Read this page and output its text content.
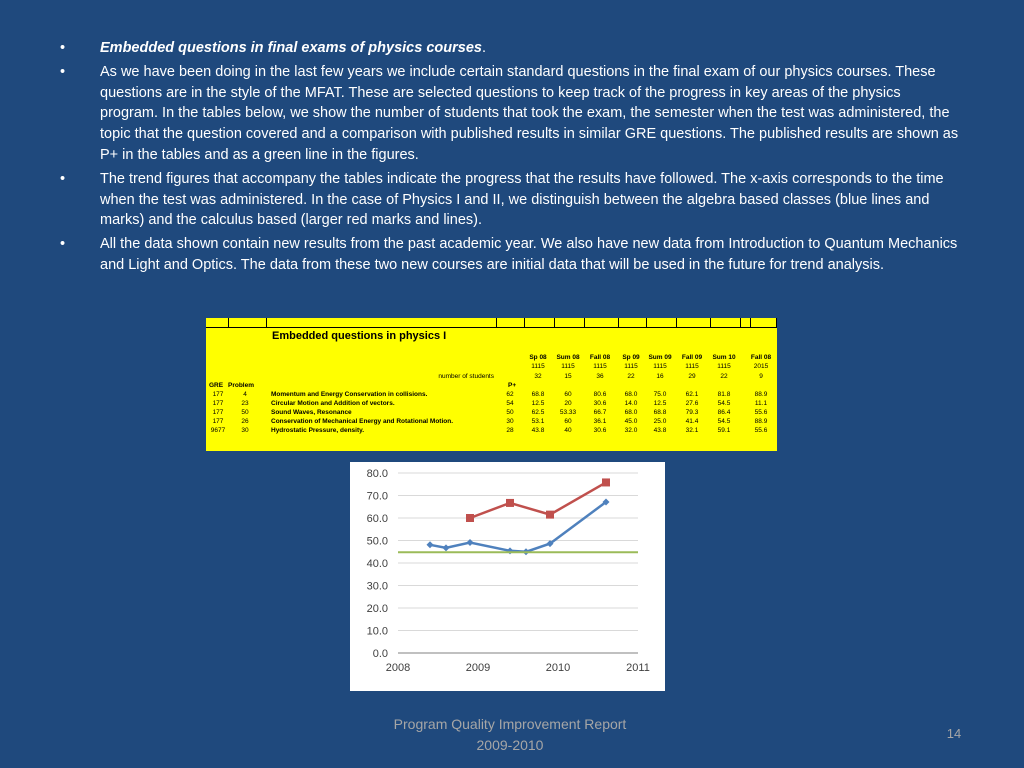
• Embedded questions in final exams of physics courses.
• As we have been doing in the last few years we include certain standard questions in the final exam of our physics courses. These questions are in the style of the MFAT. These are selected questions to keep track of the progress in key areas of the physics program. In the tables below, we show the number of students that took the exam, the semester when the test was administered, the topic that the question covered and a comparison with published results in similar GRE questions. The published results are shown as P+ in the tables and as a green line in the figures.
• The trend figures that accompany the tables indicate the progress that the results have followed. The x-axis corresponds to the time when the test was administered. In the case of Physics I and II, we distinguish between the algebra based classes (blue lines and marks) and the calculus based (larger red marks and lines).
• All the data shown contain new results from the past academic year. We also have new data from Introduction to Quantum Mechanics and Light and Optics. The data from these two new courses are initial data that will be used in the future for trend analysis.
Embedded questions in physics I
number of students
GRE Problem	P+
Sp 08	Sum 08	Fall 08	Sp 09	Sum 09	Fall 09	Sum 10	Fall 08
1115	1115	1115	1115	1115	1115	1115	2015
32	15	36	22	16	29	22	9
177	4	Momentum and Energy Conservation in collisions.	62	68.8	60	80.6	68.0	75.0	62.1	81.8	88.9
177	23	Circular Motion and Addition of vectors.	54	12.5	20	30.6	14.0	12.5	27.6	54.5	11.1
177	50	Sound Waves, Resonance	50	62.5	53.33	66.7	68.0	68.8	79.3	86.4	55.6
177	26	Conservation of Mechanical Energy and Rotational Motion.	30	53.1	60	36.1	45.0	25.0	41.4	54.5	88.9
9677	30	Hydrostatic Pressure, density.	28	43.8	40	30.6	32.0	43.8	32.1	59.1	55.6
0.0
10.0
20.0
30.0
40.0
50.0
60.0
70.0
80.0
2008	2009	2010	2011
Program Quality Improvement Report
2009-2010
14
